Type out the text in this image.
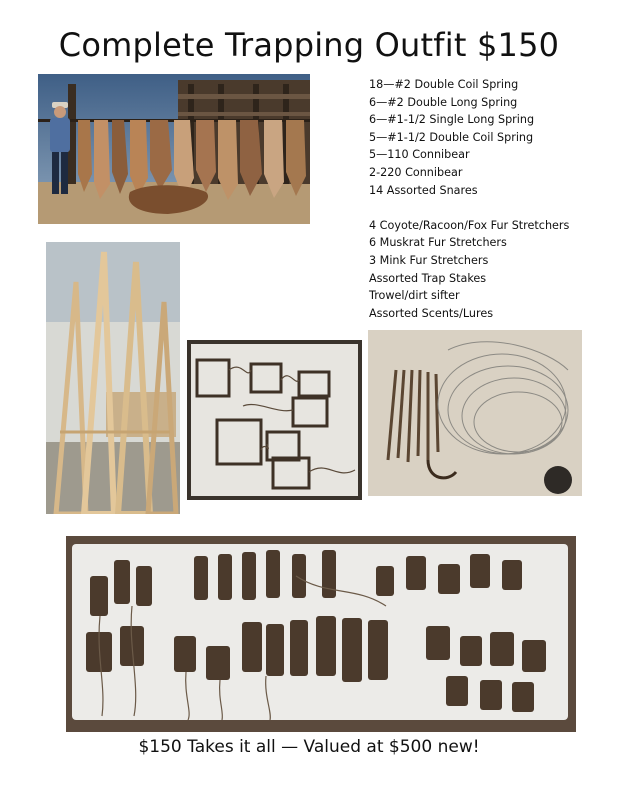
Complete Trapping Outfit $150
18—#2 Double Coil Spring
6—#2 Double Long Spring
6—#1-1/2 Single Long Spring
5—#1-1/2 Double Coil Spring
5—110 Connibear
2-220 Connibear
14 Assorted Snares
4 Coyote/Racoon/Fox Fur Stretchers
6 Muskrat Fur Stretchers
3 Mink Fur Stretchers
Assorted Trap Stakes
Trowel/dirt sifter
Assorted Scents/Lures
$150 Takes it all — Valued at $500 new!
